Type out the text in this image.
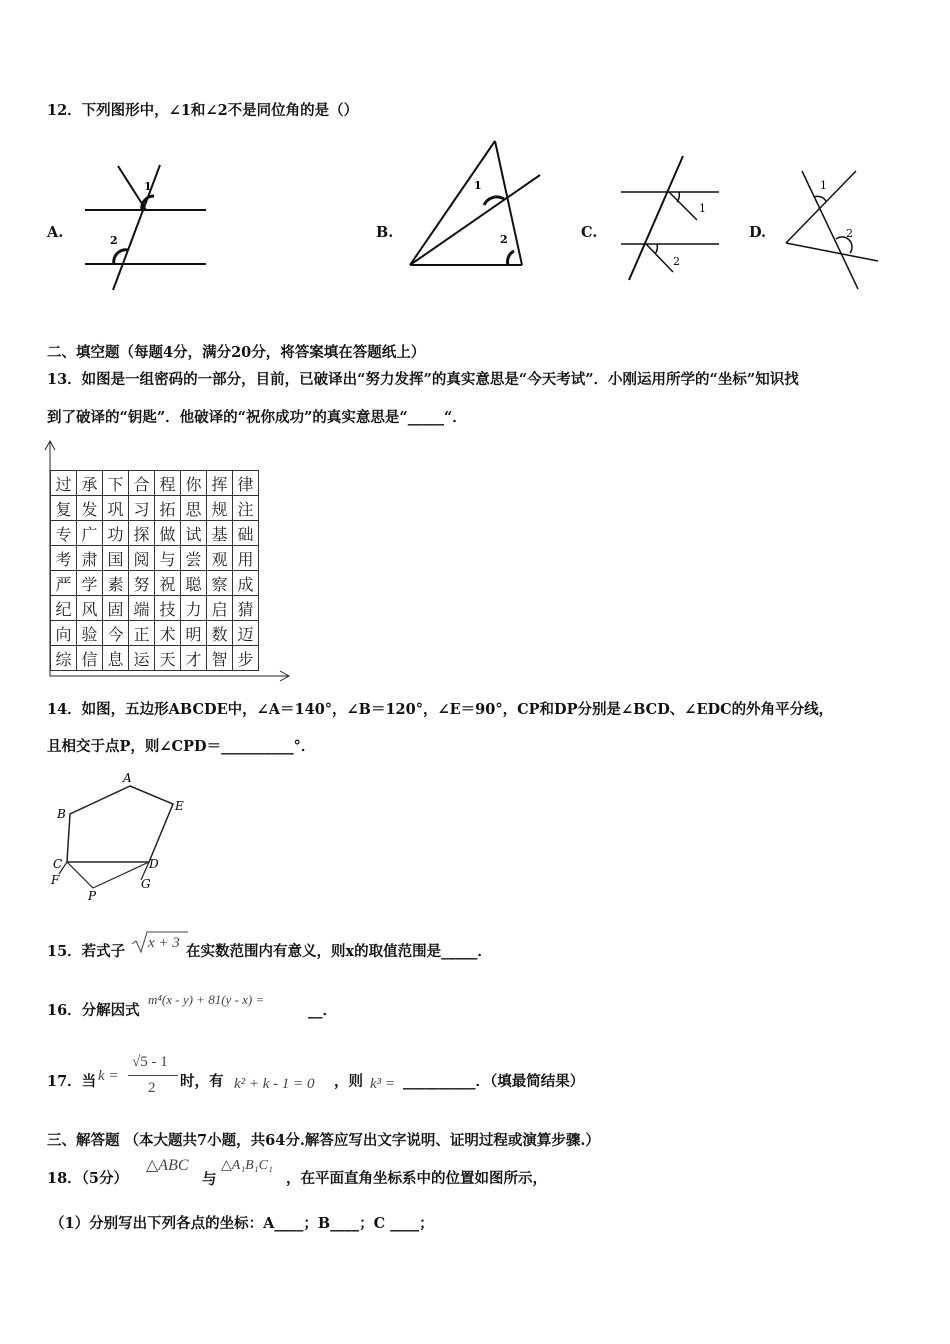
12．下列图形中，∠1和∠2不是同位角的是（）
A.
1
2	B.
1
2	C.
1
2
D.
1
2
二、填空题（每题4分，满分20分，将答案填在答题纸上）
13．如图是一组密码的一部分，目前，已破译出“努力发挥”的真实意思是“今天考试”．小刚运用所学的“坐标”知识找
到了破译的“钥匙”．他破译的“祝你成功”的真实意思是“_____“．
过	承	下	合	程	你	挥	律
复	发	巩	习	拓	思	规	注
专	广	功	探	做	试	基	础
考	肃	国	阅	与	尝	观	用
严	学	素	努	祝	聪	察	成
纪	风	固	端	技	力	启	猜
向	验	今	正	术	明	数	迈
综	信	息	运	天	才	智	步
14．如图，五边形ABCDE中，∠A＝140°，∠B＝120°，∠E＝90°，CP和DP分别是∠BCD、∠EDC的外角平分线，
且相交于点P，则∠CPD＝__________°．
A
B
C	D
E
F	G
P
15．若式子 x + 3 在实数范围内有意义，则x的取值范围是_____．
16．分解因式
m⁴(x - y) + 81(y - x) =
__．
17．当 k =
√5 - 1
2 时，有 k² + k - 1 = 0 ，则 k³ = __________．（填最简结果）
三、解答题 （本大题共7小题，共64分.解答应写出文字说明、证明过程或演算步骤.）
18．（5分）
△ABC
与
△A₁B₁C₁
，在平面直角坐标系中的位置如图所示，
（1）分别写出下列各点的坐标：A____；B____；C ____；
